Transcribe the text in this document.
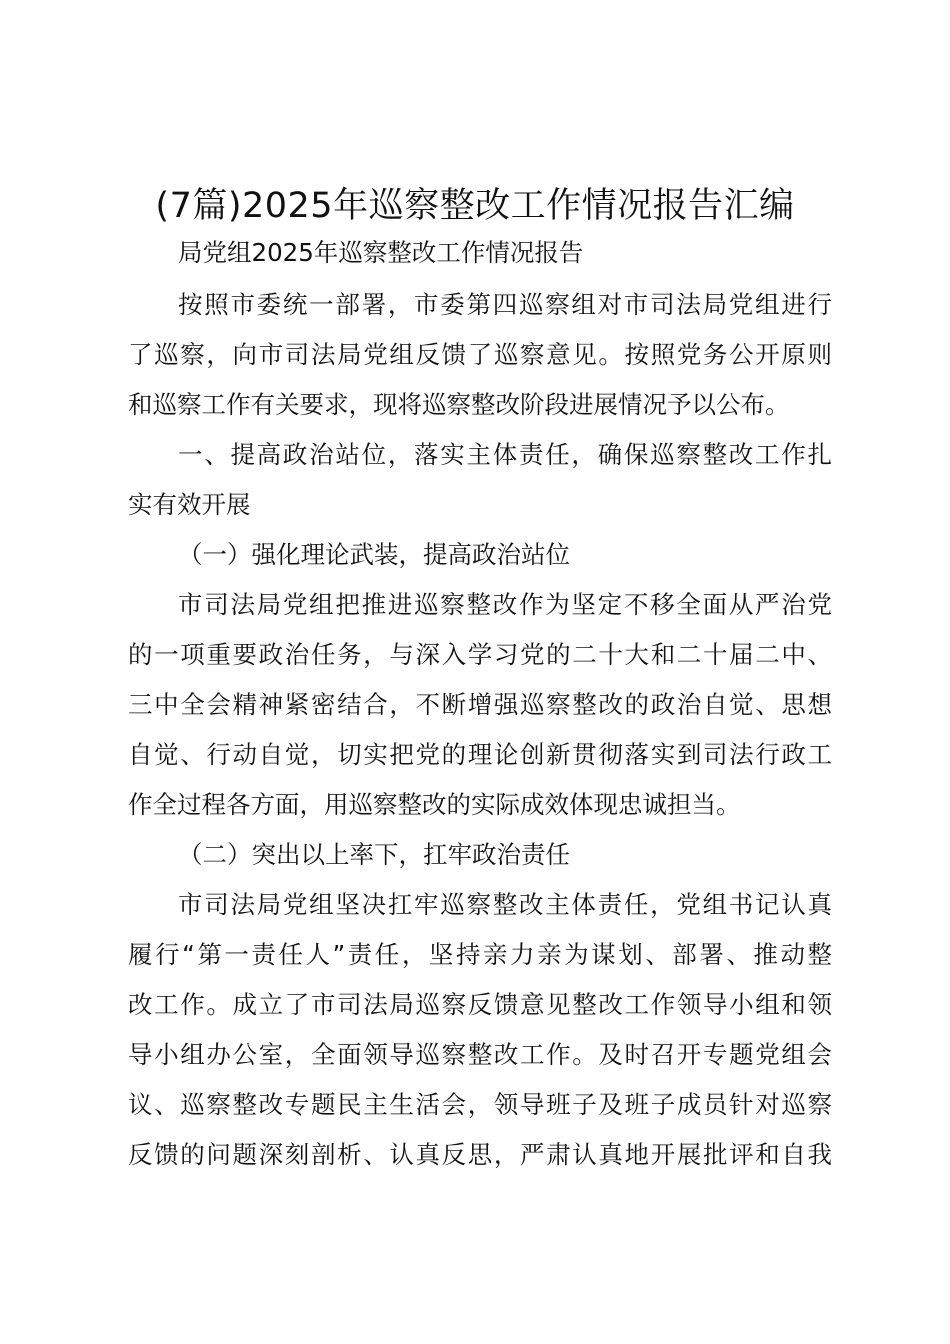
(7篇)2025年巡察整改工作情况报告汇编
局党组2025年巡察整改工作情况报告
按照市委统一部署，市委第四巡察组对市司法局党组进行
了巡察，向市司法局党组反馈了巡察意见。按照党务公开原则
和巡察工作有关要求，现将巡察整改阶段进展情况予以公布。
一、提高政治站位，落实主体责任，确保巡察整改工作扎
实有效开展
（一）强化理论武装，提高政治站位
市司法局党组把推进巡察整改作为坚定不移全面从严治党
的一项重要政治任务，与深入学习党的二十大和二十届二中、
三中全会精神紧密结合，不断增强巡察整改的政治自觉、思想
自觉、行动自觉，切实把党的理论创新贯彻落实到司法行政工
作全过程各方面，用巡察整改的实际成效体现忠诚担当。
（二）突出以上率下，扛牢政治责任
市司法局党组坚决扛牢巡察整改主体责任，党组书记认真
履行“第一责任人”责任，坚持亲力亲为谋划、部署、推动整
改工作。成立了市司法局巡察反馈意见整改工作领导小组和领
导小组办公室，全面领导巡察整改工作。及时召开专题党组会
议、巡察整改专题民主生活会，领导班子及班子成员针对巡察
反馈的问题深刻剖析、认真反思，严肃认真地开展批评和自我
